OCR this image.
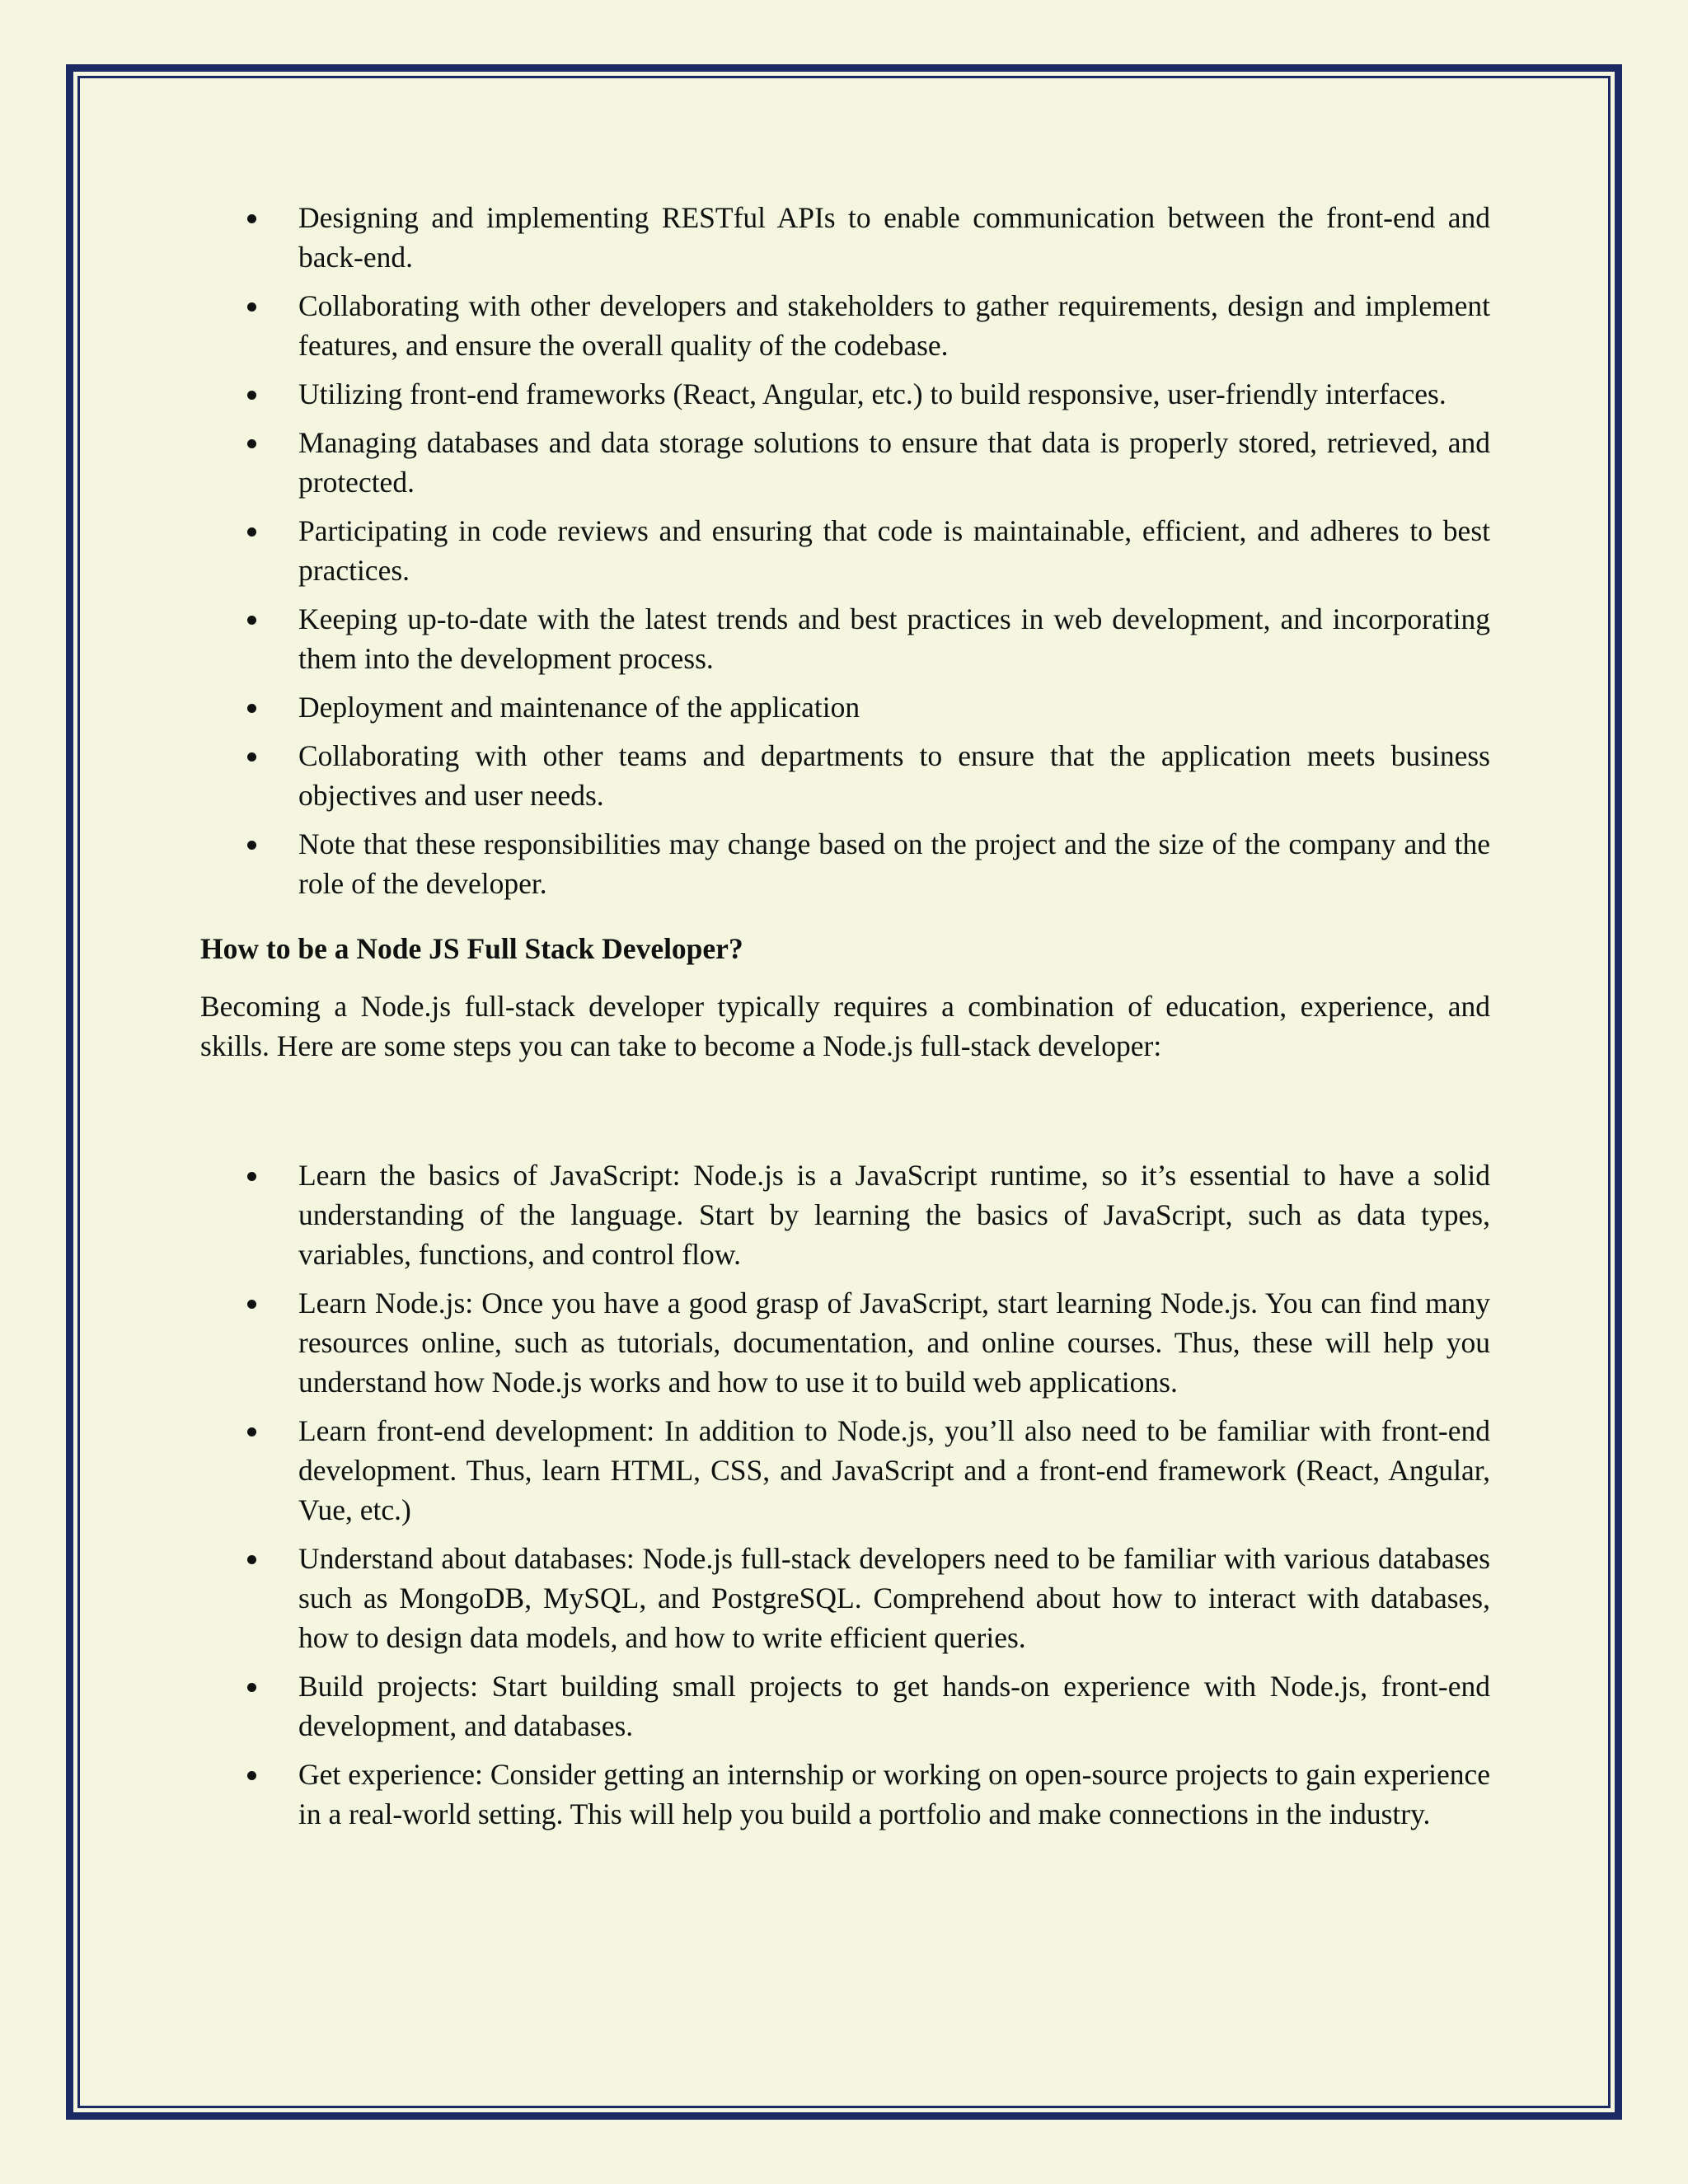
Designing and implementing RESTful APIs to enable communication between the front-end and back-end.
Collaborating with other developers and stakeholders to gather requirements, design and implement features, and ensure the overall quality of the codebase.
Utilizing front-end frameworks (React, Angular, etc.) to build responsive, user-friendly interfaces.
Managing databases and data storage solutions to ensure that data is properly stored, retrieved, and protected.
Participating in code reviews and ensuring that code is maintainable, efficient, and adheres to best practices.
Keeping up-to-date with the latest trends and best practices in web development, and incorporating them into the development process.
Deployment and maintenance of the application
Collaborating with other teams and departments to ensure that the application meets business objectives and user needs.
Note that these responsibilities may change based on the project and the size of the company and the role of the developer.
How to be a Node JS Full Stack Developer?

Becoming a Node.js full-stack developer typically requires a combination of education, experience, and skills. Here are some steps you can take to become a Node.js full-stack developer:

Learn the basics of JavaScript: Node.js is a JavaScript runtime, so it’s essential to have a solid understanding of the language. Start by learning the basics of JavaScript, such as data types, variables, functions, and control flow.
Learn Node.js: Once you have a good grasp of JavaScript, start learning Node.js. You can find many resources online, such as tutorials, documentation, and online courses. Thus, these will help you understand how Node.js works and how to use it to build web applications.
Learn front-end development: In addition to Node.js, you’ll also need to be familiar with front-end development. Thus, learn HTML, CSS, and JavaScript and a front-end framework (React, Angular, Vue, etc.)
Understand about databases: Node.js full-stack developers need to be familiar with various databases such as MongoDB, MySQL, and PostgreSQL. Comprehend about how to interact with databases, how to design data models, and how to write efficient queries.
Build projects: Start building small projects to get hands-on experience with Node.js, front-end development, and databases.
Get experience: Consider getting an internship or working on open-source projects to gain experience in a real-world setting. This will help you build a portfolio and make connections in the industry.
